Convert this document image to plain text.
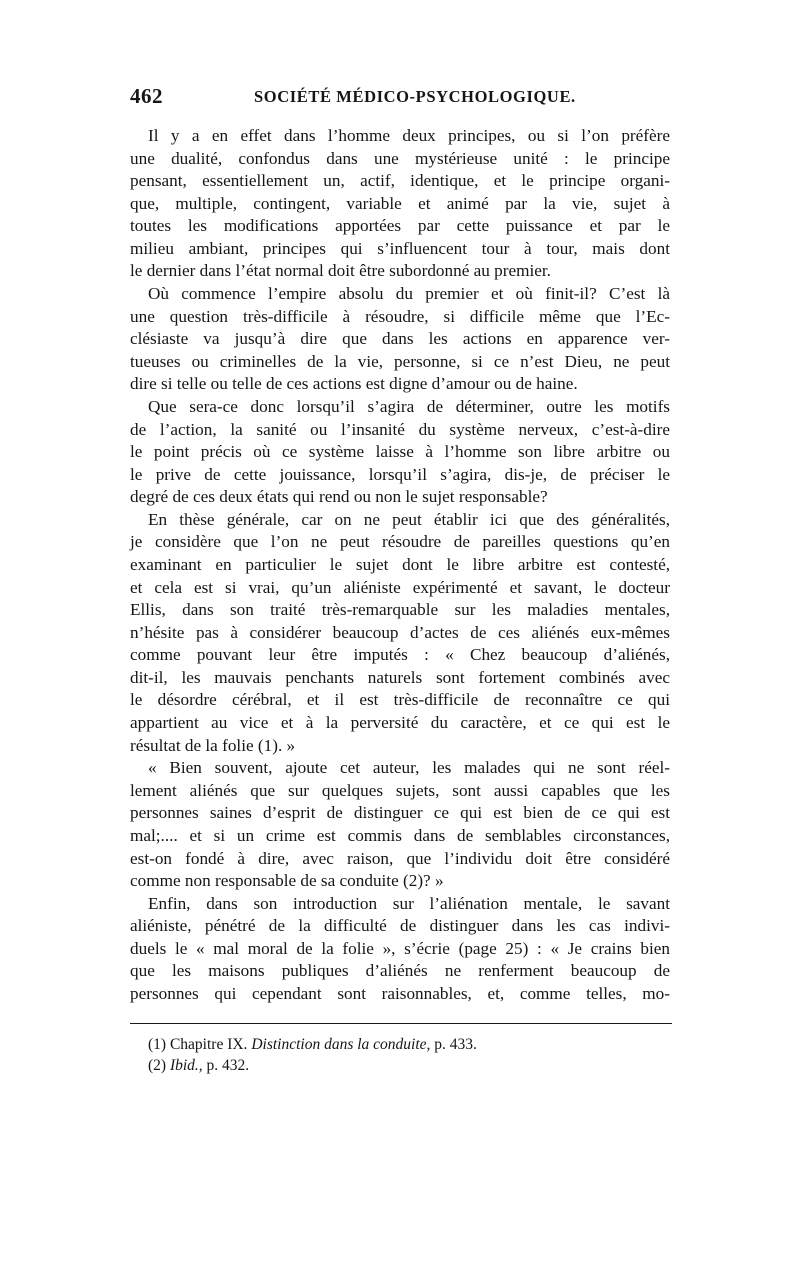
462	SOCIÉTÉ MÉDICO-PSYCHOLOGIQUE.

Il y a en effet dans l’homme deux principes, ou si l’on préfère

une dualité, confondus dans une mystérieuse unité : le principe

pensant, essentiellement un, actif, identique, et le principe organi-

que, multiple, contingent, variable et animé par la vie, sujet à

toutes les modifications apportées par cette puissance et par le

milieu ambiant, principes qui s’influencent tour à tour, mais dont

le dernier dans l’état normal doit être subordonné au premier.

Où commence l’empire absolu du premier et où finit-il? C’est là

une question très-difficile à résoudre, si difficile même que l’Ec-

clésiaste va jusqu’à dire que dans les actions en apparence ver-

tueuses ou criminelles de la vie, personne, si ce n’est Dieu, ne peut

dire si telle ou telle de ces actions est digne d’amour ou de haine.

Que sera-ce donc lorsqu’il s’agira de déterminer, outre les motifs

de l’action, la sanité ou l’insanité du système nerveux, c’est-à-dire

le point précis où ce système laisse à l’homme son libre arbitre ou

le prive de cette jouissance, lorsqu’il s’agira, dis-je, de préciser le

degré de ces deux états qui rend ou non le sujet responsable?

En thèse générale, car on ne peut établir ici que des généralités,

je considère que l’on ne peut résoudre de pareilles questions qu’en

examinant en particulier le sujet dont le libre arbitre est contesté,

et cela est si vrai, qu’un aliéniste expérimenté et savant, le docteur

Ellis, dans son traité très-remarquable sur les maladies mentales,

n’hésite pas à considérer beaucoup d’actes de ces aliénés eux-mêmes

comme pouvant leur être imputés : « Chez beaucoup d’aliénés,

dit-il, les mauvais penchants naturels sont fortement combinés avec

le désordre cérébral, et il est très-difficile de reconnaître ce qui

appartient au vice et à la perversité du caractère, et ce qui est le

résultat de la folie (1). »

« Bien souvent, ajoute cet auteur, les malades qui ne sont réel-

lement aliénés que sur quelques sujets, sont aussi capables que les

personnes saines d’esprit de distinguer ce qui est bien de ce qui est

mal;.... et si un crime est commis dans de semblables circonstances,

est-on fondé à dire, avec raison, que l’individu doit être considéré

comme non responsable de sa conduite (2)? »

Enfin, dans son introduction sur l’aliénation mentale, le savant

aliéniste, pénétré de la difficulté de distinguer dans les cas indivi-

duels le « mal moral de la folie », s’écrie (page 25) : « Je crains bien

que les maisons publiques d’aliénés ne renferment beaucoup de

personnes qui cependant sont raisonnables, et, comme telles, mo-

(1) Chapitre IX. Distinction dans la conduite, p. 433.

(2) Ibid., p. 432.
